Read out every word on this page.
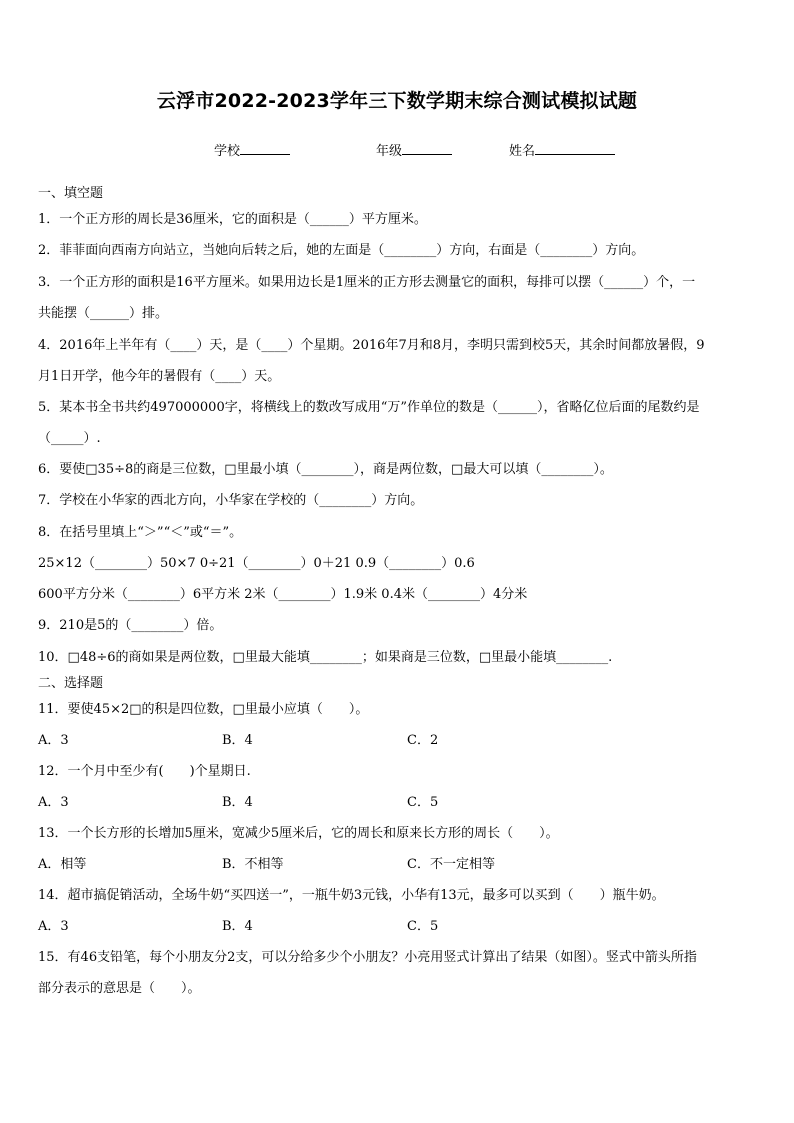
云浮市2022-2023学年三下数学期末综合测试模拟试题
学校	年级	姓名
一、填空题
1．一个正方形的周长是36厘米，它的面积是（______）平方厘米。
2．菲菲面向西南方向站立，当她向后转之后，她的左面是（________）方向，右面是（________）方向。
3．一个正方形的面积是16平方厘米。如果用边长是1厘米的正方形去测量它的面积，每排可以摆（______）个，一
共能摆（______）排。
4．2016年上半年有（____）天，是（____）个星期。2016年7月和8月，李明只需到校5天，其余时间都放暑假，9
月1日开学，他今年的暑假有（____）天。
5．某本书全书共约497000000字，将横线上的数改写成用“万”作单位的数是（______），省略亿位后面的尾数约是
（_____）.
6．要使□35÷8的商是三位数，□里最小填（________），商是两位数，□最大可以填（________）。
7．学校在小华家的西北方向，小华家在学校的（________）方向。
8．在括号里填上“＞”“＜”或“＝”。
25×12（________）50×7 0÷21（________）0＋21 0.9（________）0.6
600平方分米（________）6平方米 2米（________）1.9米 0.4米（________）4分米
9．210是5的（________）倍。
10．□48÷6的商如果是两位数，□里最大能填________；如果商是三位数，□里最小能填________.
二、选择题
11．要使45×2□的积是四位数，□里最小应填（　　）。
A．3	B．4	C．2
12．一个月中至少有(　　)个星期日.
A．3	B．4	C．5
13．一个长方形的长增加5厘米，宽减少5厘米后，它的周长和原来长方形的周长（　　）。
A．相等	B．不相等	C．不一定相等
14．超市搞促销活动，全场牛奶“买四送一”，一瓶牛奶3元钱，小华有13元，最多可以买到（　　）瓶牛奶。
A．3	B．4	C．5
15．有46支铅笔，每个小朋友分2支，可以分给多少个小朋友？小亮用竖式计算出了结果（如图）。竖式中箭头所指
部分表示的意思是（　　）。
